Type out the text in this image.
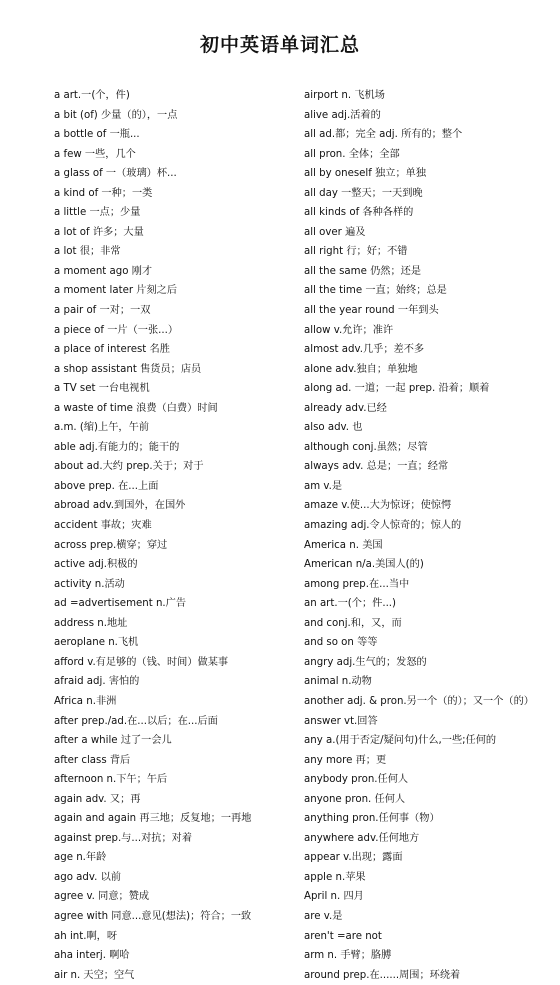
初中英语单词汇总
a art.一(个，件)
a bit (of) 少量（的），一点
a bottle of 一瓶...
a few 一些，几个
a glass of 一（玻璃）杯...
a kind of 一种；一类
a little 一点；少量
a lot of 许多；大量
a lot 很；非常
a moment ago 刚才
a moment later 片刻之后
a pair of 一对；一双
a piece of 一片（一张...）
a place of interest 名胜
a shop assistant 售货员；店员
a TV set 一台电视机
a waste of time 浪费（白费）时间
a.m. (缩)上午，午前
able adj.有能力的；能干的
about ad.大约 prep.关于；对于
above prep. 在...上面
abroad adv.到国外，在国外
accident 事故；灾难
across prep.横穿；穿过
active adj.积极的
activity n.活动
ad =advertisement n.广告
address n.地址
aeroplane n.飞机
afford v.有足够的（钱、时间）做某事
afraid adj. 害怕的
Africa n.非洲
after prep./ad.在...以后；在...后面
after a while 过了一会儿
after class 背后
afternoon n.下午；午后
again adv. 又；再
again and again 再三地；反复地；一再地
against prep.与...对抗；对着
age n.年龄
ago adv. 以前
agree v. 同意；赞成
agree with 同意...意见(想法)；符合；一致
ah int.啊，呀
aha interj. 啊哈
air n. 天空；空气
airport n. 飞机场
alive adj.活着的
all ad.都；完全 adj. 所有的；整个
all pron. 全体；全部
all by oneself 独立；单独
all day 一整天；一天到晚
all kinds of 各种各样的
all over 遍及
all right 行；好；不错
all the same 仍然；还是
all the time 一直；始终；总是
all the year round 一年到头
allow v.允许；准许
almost adv.几乎；差不多
alone adv.独自；单独地
along ad. 一道；一起 prep. 沿着；顺着
already adv.已经
also adv. 也
although conj.虽然；尽管
always adv. 总是；一直；经常
am v.是
amaze v.使...大为惊讶；使惊愕
amazing adj.令人惊奇的；惊人的
America n. 美国
American n/a.美国人(的)
among prep.在...当中
an art.一(个；件...)
and conj.和，又，而
and so on 等等
angry adj.生气的；发怒的
animal n.动物
another adj. & pron.另一个（的）；又一个（的）
answer vt.回答
any a.(用于否定/疑问句)什么,一些;任何的
any more 再；更
anybody pron.任何人
anyone pron. 任何人
anything pron.任何事（物）
anywhere adv.任何地方
appear v.出现；露面
apple n.苹果
April n. 四月
are v.是
aren't =are not
arm n. 手臂；胳膊
around prep.在......周围；环绕着
